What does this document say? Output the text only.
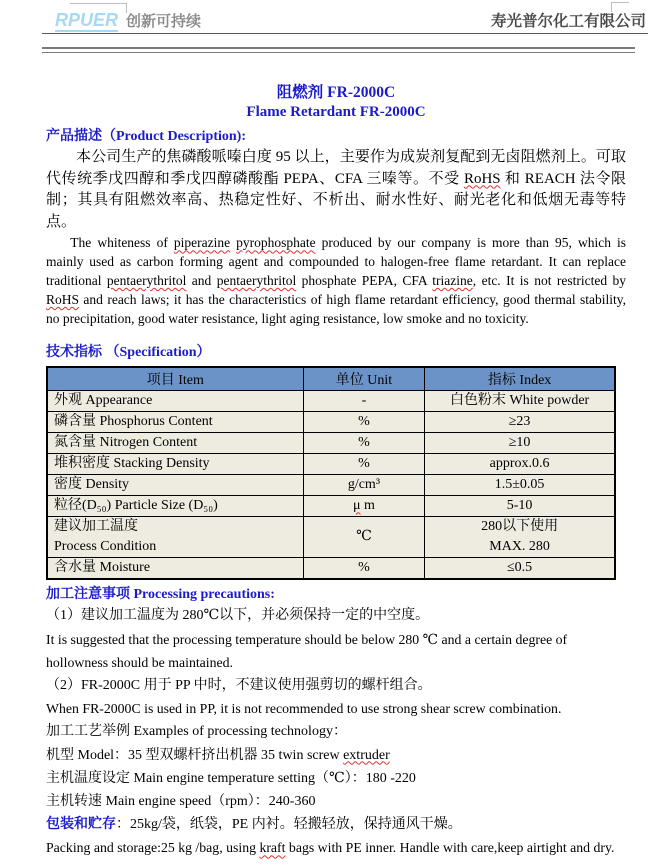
RPUER 创新可持续	寿光普尔化工有限公司
阻燃剂 FR-2000C
Flame Retardant FR-2000C
产品描述（Product Description):

本公司生产的焦磷酸哌嗪白度 95 以上，主要作为成炭剂复配到无卤阻燃剂上。可取代传统季戊四醇和季戊四醇磷酸酯 PEPA、CFA 三嗪等。不受 RoHS 和 REACH 法令限制；其具有阻燃效率高、热稳定性好、不析出、耐水性好、耐光老化和低烟无毒等特点。

The whiteness of piperazine pyrophosphate produced by our company is more than 95, which is mainly used as carbon forming agent and compounded to halogen-free flame retardant. It can replace traditional pentaerythritol and pentaerythritol phosphate PEPA, CFA triazine, etc. It is not restricted by RoHS and reach laws; it has the characteristics of high flame retardant efficiency, good thermal stability, no precipitation, good water resistance, light aging resistance, low smoke and no toxicity.

技术指标 （Specification）
项目 Item	单位 Unit	指标 Index
外观 Appearance	-	白色粉末 White powder
磷含量 Phosphorus Content	%	≥23
氮含量 Nitrogen Content	%	≥10
堆积密度 Stacking Density	%	approx.0.6
密度 Density	g/cm³	1.5±0.05
粒径(D₅₀) Particle Size (D₅₀)	μ m	5-10
建议加工温度
Process Condition	℃	280以下使用
MAX. 280
含水量 Moisture	%	≤0.5
加工注意事项 Processing precautions:

（1）建议加工温度为 280℃以下，并必须保持一定的中空度。

It is suggested that the processing temperature should be below 280 ℃ and a certain degree of hollowness should be maintained.

（2）FR-2000C 用于 PP 中时，不建议使用强剪切的螺杆组合。

When FR-2000C is used in PP, it is not recommended to use strong shear screw combination.

加工工艺举例 Examples of processing technology：

机型 Model：35 型双螺杆挤出机器 35 twin screw extruder

主机温度设定 Main engine temperature setting（℃）：180 -220

主机转速 Main engine speed（rpm）：240-360

包装和贮存：25kg/袋，纸袋，PE 内衬。轻搬轻放，保持通风干燥。

Packing and storage:25 kg /bag, using kraft bags with PE inner. Handle with care,keep airtight and dry.
